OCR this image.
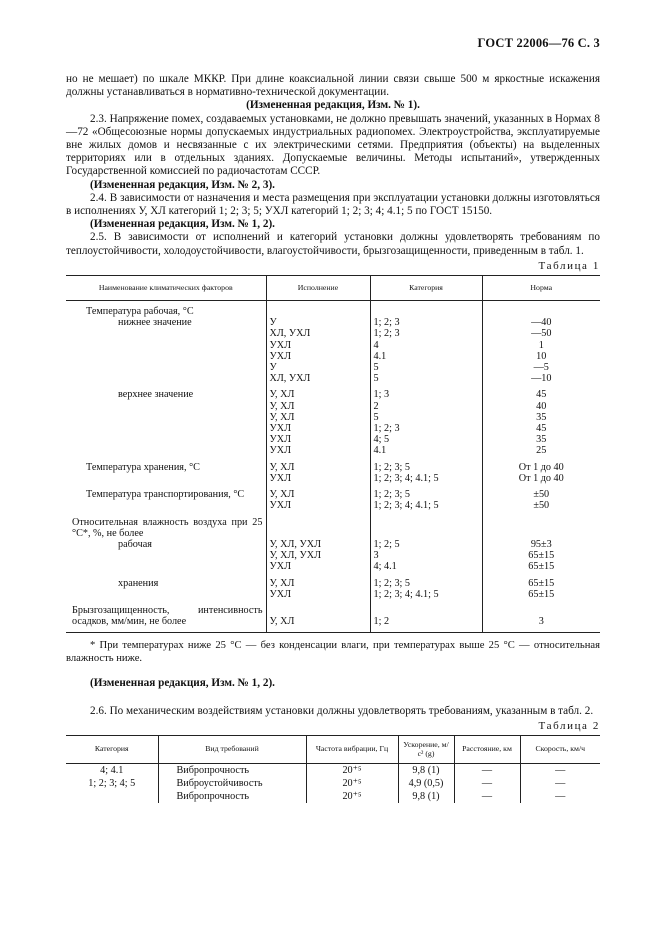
ГОСТ 22006—76 С. 3

но не мешает) по шкале МККР. При длине коаксиальной линии связи свыше 500 м яркостные искажения должны устанавливаться в нормативно-технической документации.

(Измененная редакция, Изм. № 1).

2.3. Напряжение помех, создаваемых установками, не должно превышать значений, указанных в Нормах 8—72 «Общесоюзные нормы допускаемых индустриальных радиопомех. Электроустройства, эксплуатируемые вне жилых домов и несвязанные с их электрическими сетями. Предприятия (объекты) на выделенных территориях или в отдельных зданиях. Допускаемые величины. Методы испытаний», утвержденных Государственной комиссией по радиочастотам СССР.

(Измененная редакция, Изм. № 2, 3).

2.4. В зависимости от назначения и места размещения при эксплуатации установки должны изготовляться в исполнениях У, ХЛ категорий 1; 2; 3; 5; УХЛ категорий 1; 2; 3; 4; 4.1; 5 по ГОСТ 15150.

(Измененная редакция, Изм. № 1, 2).

2.5. В зависимости от исполнений и категорий установки должны удовлетворять требованиям по теплоустойчивости, холодоустойчивости, влагоустойчивости, брызгозащищенности, приведенным в табл. 1.

Таблица 1
Наименование климатических факторов	Исполнение	Категория	Норма

Температура рабочая, °С			
нижнее значение	У	1; 2; 3	—40
	ХЛ, УХЛ	1; 2; 3	—50
	УХЛ	4	1
	УХЛ	4.1	10
	У	5	—5
	ХЛ, УХЛ	5	—10

верхнее значение	У, ХЛ	1; 3	45
	У, ХЛ	2	40
	У, ХЛ	5	35
	УХЛ	1; 2; 3	45
	УХЛ	4; 5	35
	УХЛ	4.1	25

Температура хранения, °С	У, ХЛ	1; 2; 3; 5	От 1 до 40
	УХЛ	1; 2; 3; 4; 4.1; 5	От 1 до 40

Температура транспортирования, °С	У, ХЛ	1; 2; 3; 5	±50
	УХЛ	1; 2; 3; 4; 4.1; 5	±50

Относительная влажность воздуха при 25 °С*, %, не более			
рабочая	У, ХЛ, УХЛ	1; 2; 5	95±3
	У, ХЛ, УХЛ	3	65±15
	УХЛ	4; 4.1	65±15

хранения	У, ХЛ	1; 2; 3; 5	65±15
	УХЛ	1; 2; 3; 4; 4.1; 5	65±15

Брызгозащищенность, интенсивность осадков, мм/мин, не более	У, ХЛ	1; 2	3

* При температурах ниже 25 °С — без конденсации влаги, при температурах выше 25 °С — относительная влажность ниже.

(Измененная редакция, Изм. № 1, 2).

2.6. По механическим воздействиям установки должны удовлетворять требованиям, указанным в табл. 2.

Таблица 2
Категория	Вид требований	Частота вибрации, Гц	Ускорение, м/с² (g)	Расстояние, км	Скорость, км/ч
4; 4.1	Вибропрочность	20⁺⁵	9,8 (1)	—	—
1; 2; 3; 4; 5	Виброустойчивость	20⁺⁵	4,9 (0,5)	—	—
	Вибропрочность	20⁺⁵	9,8 (1)	—	—
